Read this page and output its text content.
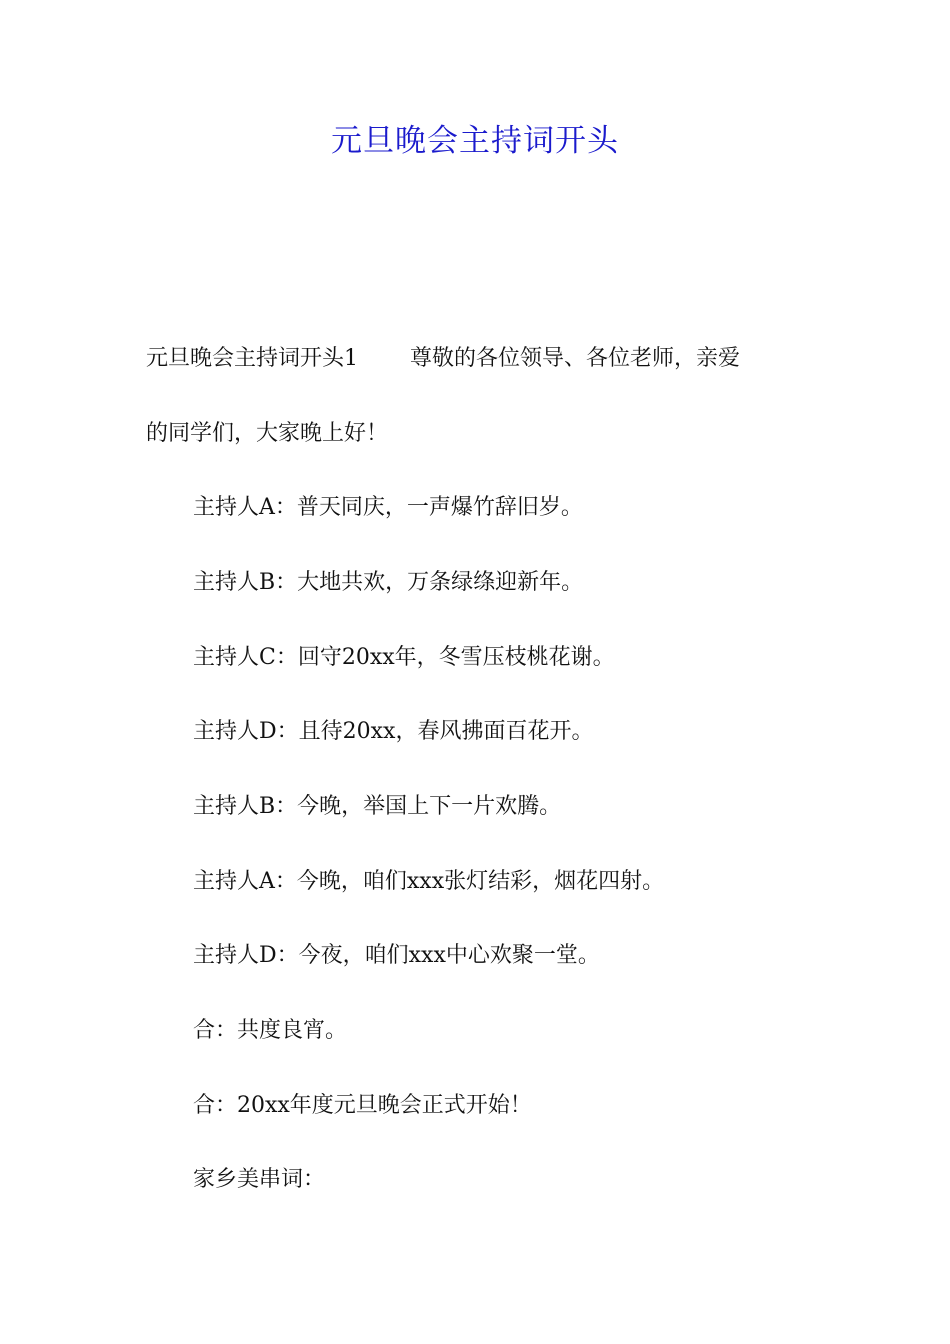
元旦晚会主持词开头
元旦晚会主持词开头1 尊敬的各位领导、各位老师，亲爱
的同学们，大家晚上好！
主持人A：普天同庆，一声爆竹辞旧岁。
主持人B：大地共欢，万条绿绦迎新年。
主持人C：回守20xx年，冬雪压枝桃花谢。
主持人D：且待20xx，春风拂面百花开。
主持人B：今晚，举国上下一片欢腾。
主持人A：今晚，咱们xxx张灯结彩，烟花四射。
主持人D：今夜，咱们xxx中心欢聚一堂。
合：共度良宵。
合：20xx年度元旦晚会正式开始！
家乡美串词：
